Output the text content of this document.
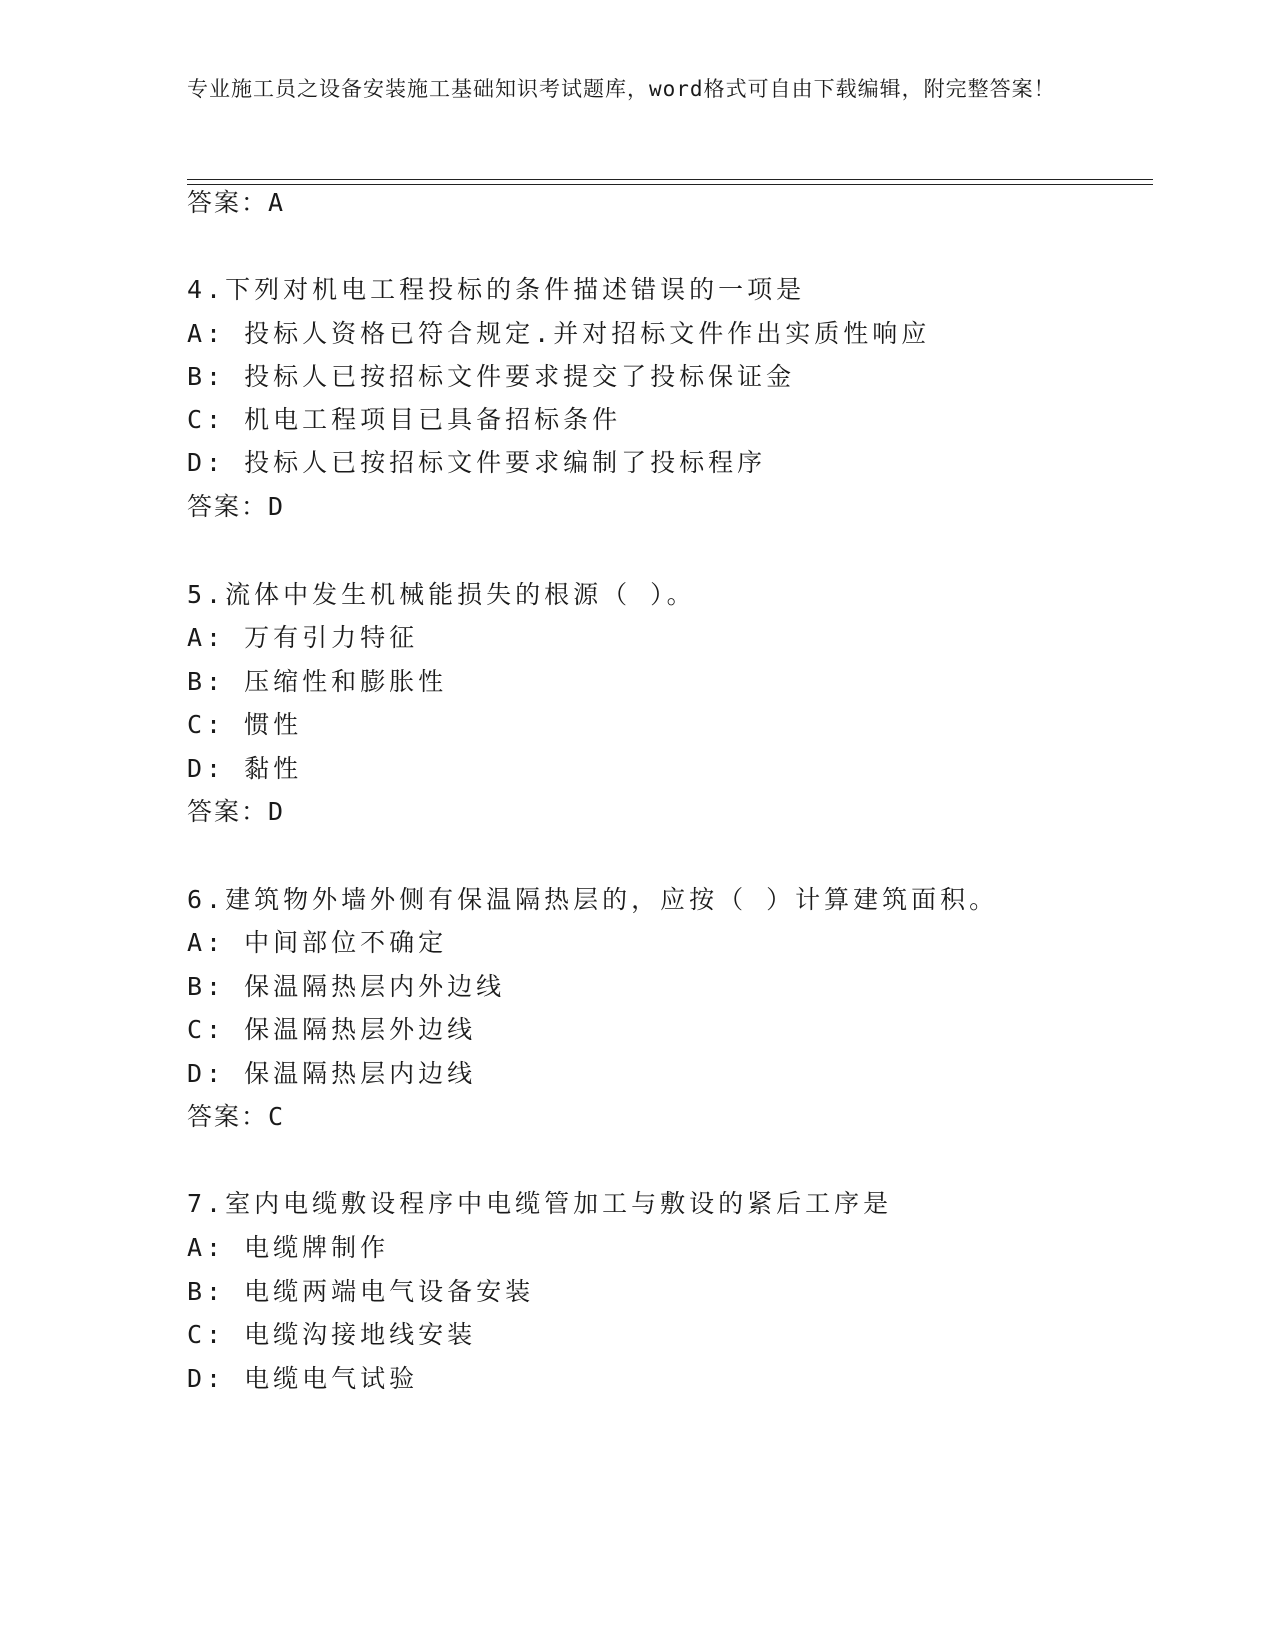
专业施工员之设备安装施工基础知识考试题库，word格式可自由下载编辑，附完整答案！
答案：A
4.下列对机电工程投标的条件描述错误的一项是
A: 投标人资格已符合规定.并对招标文件作出实质性响应
B: 投标人已按招标文件要求提交了投标保证金
C: 机电工程项目已具备招标条件
D: 投标人已按招标文件要求编制了投标程序
答案：D
5.流体中发生机械能损失的根源（ ）。
A: 万有引力特征
B: 压缩性和膨胀性
C: 惯性
D: 黏性
答案：D
6.建筑物外墙外侧有保温隔热层的，应按（ ）计算建筑面积。
A: 中间部位不确定
B: 保温隔热层内外边线
C: 保温隔热层外边线
D: 保温隔热层内边线
答案：C
7.室内电缆敷设程序中电缆管加工与敷设的紧后工序是
A: 电缆牌制作
B: 电缆两端电气设备安装
C: 电缆沟接地线安装
D: 电缆电气试验
